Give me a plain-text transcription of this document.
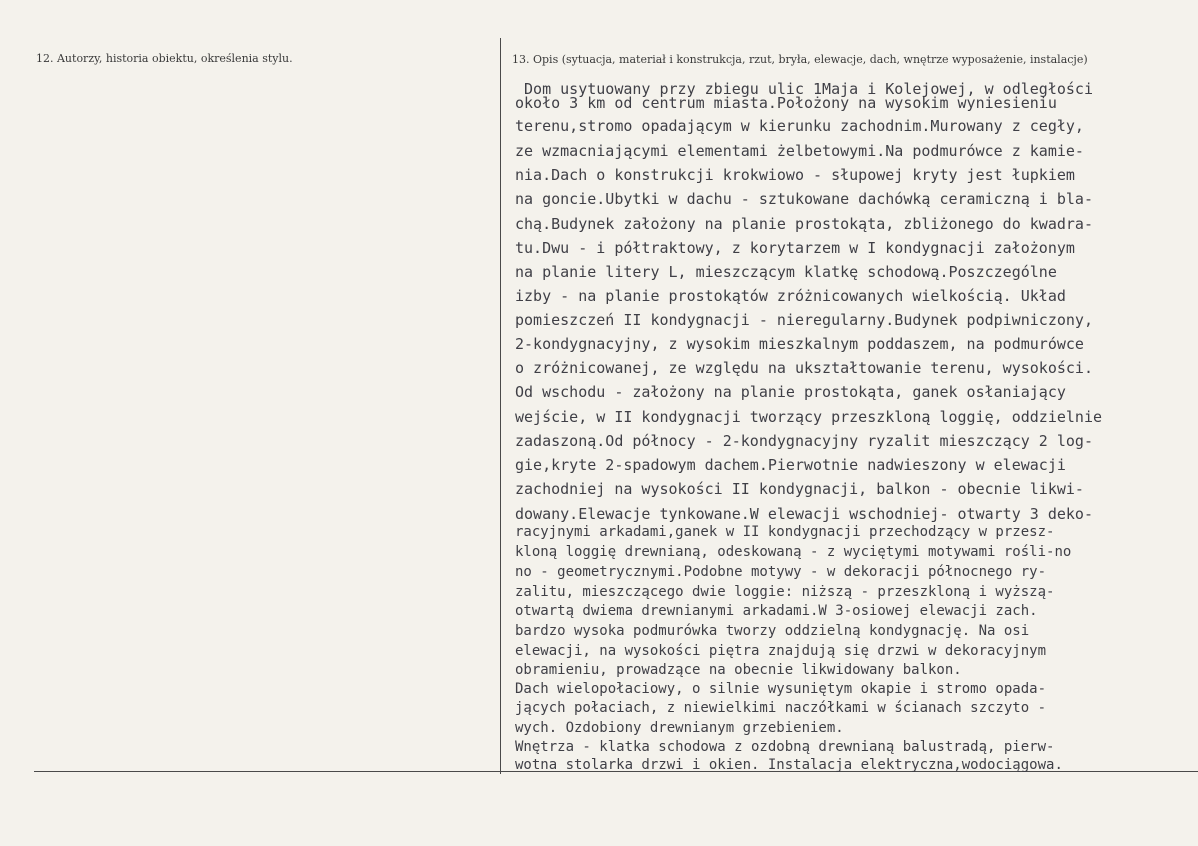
12. Autorzy, historia obiektu, określenia stylu.	13. Opis (sytuacja, materiał i konstrukcja, rzut, bryła, elewacje, dach, wnętrze wyposażenie, instalacje)
Dom usytuowany przy zbiegu ulic 1Maja i Kolejowej, w odległości
około 3 km od centrum miasta.Położony na wysokim wyniesieniu
terenu,stromo opadającym w kierunku zachodnim.Murowany z cegły,
ze wzmacniającymi elementami żelbetowymi.Na podmurówce z kamie-
nia.Dach o konstrukcji krokwiowo - słupowej kryty jest łupkiem
na goncie.Ubytki w dachu - sztukowane dachówką ceramiczną i bla-
chą.Budynek założony na planie prostokąta, zbliżonego do kwadra-
tu.Dwu - i półtraktowy, z korytarzem w I kondygnacji założonym
na planie litery L, mieszczącym klatkę schodową.Poszczególne
izby - na planie prostokątów zróżnicowanych wielkością. Układ
pomieszczeń II kondygnacji - nieregularny.Budynek podpiwniczony,
2-kondygnacyjny, z wysokim mieszkalnym poddaszem, na podmurówce
o zróżnicowanej, ze względu na ukształtowanie terenu, wysokości.
Od wschodu - założony na planie prostokąta, ganek osłaniający
wejście, w II kondygnacji tworzący przeszkloną loggię, oddzielnie
zadaszoną.Od północy - 2-kondygnacyjny ryzalit mieszczący 2 log-
gie,kryte 2-spadowym dachem.Pierwotnie nadwieszony w elewacji
zachodniej na wysokości II kondygnacji, balkon - obecnie likwi-
dowany.Elewacje tynkowane.W elewacji wschodniej- otwarty 3 deko-
racyjnymi arkadami,ganek w II kondygnacji przechodzący w przesz-
kloną loggię drewnianą, odeskowaną - z wyciętymi motywami rośli-no
no - geometrycznymi.Podobne motywy - w dekoracji północnego ry-
zalitu, mieszczącego dwie loggie: niższą - przeszkloną i wyższą-
otwartą dwiema drewnianymi arkadami.W 3-osiowej elewacji zach.
bardzo wysoka podmurówka tworzy oddzielną kondygnację. Na osi
elewacji, na wysokości piętra znajdują się drzwi w dekoracyjnym
obramieniu, prowadzące na obecnie likwidowany balkon.
Dach wielopołaciowy, o silnie wysuniętym okapie i stromo opada-
jących połaciach, z niewielkimi naczółkami w ścianach szczyto -
wych. Ozdobiony drewnianym grzebieniem.
Wnętrza - klatka schodowa z ozdobną drewnianą balustradą, pierw-
wotna stolarka drzwi i okien. Instalacja elektryczna,wodociągowa.
